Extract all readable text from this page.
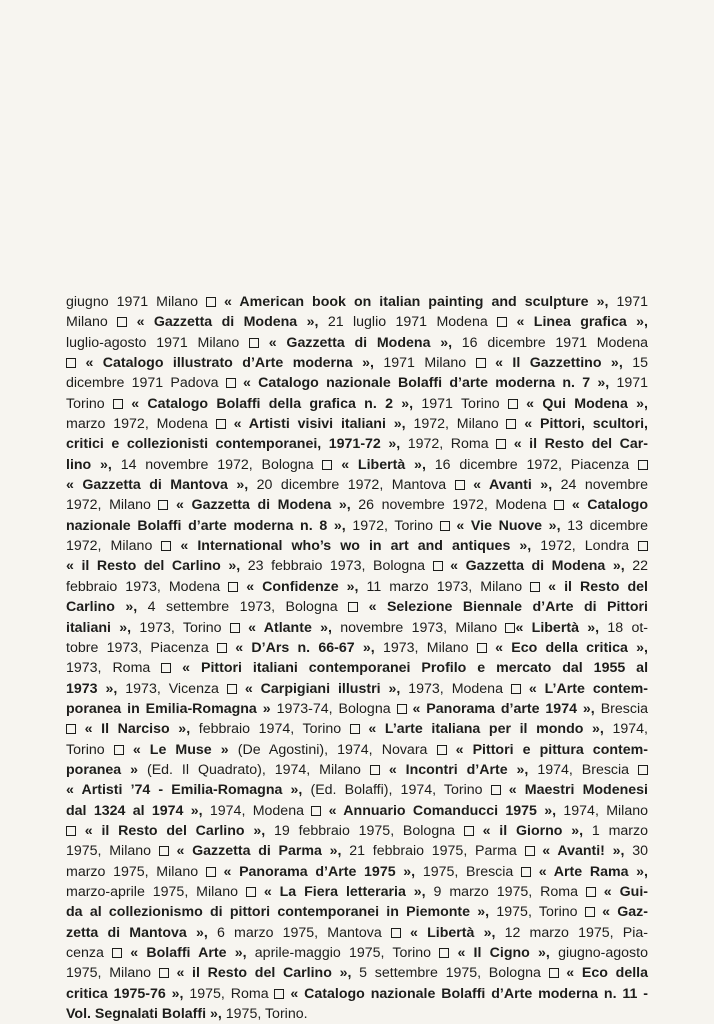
giugno 1971 Milano  « American book on italian painting and sculpture », 1971
Milano  « Gazzetta di Modena », 21 luglio 1971 Modena  « Linea grafica »,
luglio-agosto 1971 Milano  « Gazzetta di Modena », 16 dicembre 1971 Modena
« Catalogo illustrato d’Arte moderna », 1971 Milano  « Il Gazzettino », 15
dicembre 1971 Padova  « Catalogo nazionale Bolaffi d’arte moderna n. 7 », 1971
Torino  « Catalogo Bolaffi della grafica n. 2 », 1971 Torino  « Qui Modena »,
marzo 1972, Modena  « Artisti visivi italiani », 1972, Milano  « Pittori, scultori,
critici e collezionisti contemporanei, 1971-72 », 1972, Roma  « il Resto del Car-
lino », 14 novembre 1972, Bologna  « Libertà », 16 dicembre 1972, Piacenza
« Gazzetta di Mantova », 20 dicembre 1972, Mantova  « Avanti », 24 novembre
1972, Milano  « Gazzetta di Modena », 26 novembre 1972, Modena  « Catalogo
nazionale Bolaffi d’arte moderna n. 8 », 1972, Torino  « Vie Nuove », 13 dicembre
1972, Milano  « International who’s wo in art and antiques », 1972, Londra
« il Resto del Carlino », 23 febbraio 1973, Bologna  « Gazzetta di Modena », 22
febbraio 1973, Modena  « Confidenze », 11 marzo 1973, Milano  « il Resto del
Carlino », 4 settembre 1973, Bologna  « Selezione Biennale d’Arte di Pittori
italiani », 1973, Torino  « Atlante », novembre 1973, Milano « Libertà », 18 ot-
tobre 1973, Piacenza  « D’Ars n. 66-67 », 1973, Milano  « Eco della critica »,
1973, Roma  « Pittori italiani contemporanei Profilo e mercato dal 1955 al
1973 », 1973, Vicenza  « Carpigiani illustri », 1973, Modena  « L’Arte contem-
poranea in Emilia-Romagna » 1973-74, Bologna  « Panorama d’arte 1974 », Brescia
« Il Narciso », febbraio 1974, Torino  « L’arte italiana per il mondo », 1974,
Torino  « Le Muse » (De Agostini), 1974, Novara  « Pittori e pittura contem-
poranea » (Ed. Il Quadrato), 1974, Milano  « Incontri d’Arte », 1974, Brescia
« Artisti ’74 - Emilia-Romagna », (Ed. Bolaffi), 1974, Torino  « Maestri Modenesi
dal 1324 al 1974 », 1974, Modena  « Annuario Comanducci 1975 », 1974, Milano
« il Resto del Carlino », 19 febbraio 1975, Bologna  « il Giorno », 1 marzo
1975, Milano  « Gazzetta di Parma », 21 febbraio 1975, Parma  « Avanti! », 30
marzo 1975, Milano  « Panorama d’Arte 1975 », 1975, Brescia  « Arte Rama »,
marzo-aprile 1975, Milano  « La Fiera letteraria », 9 marzo 1975, Roma  « Gui-
da al collezionismo di pittori contemporanei in Piemonte », 1975, Torino  « Gaz-
zetta di Mantova », 6 marzo 1975, Mantova  « Libertà », 12 marzo 1975, Pia-
cenza  « Bolaffi Arte », aprile-maggio 1975, Torino  « Il Cigno », giugno-agosto
1975, Milano  « il Resto del Carlino », 5 settembre 1975, Bologna  « Eco della
critica 1975-76 », 1975, Roma  « Catalogo nazionale Bolaffi d’Arte moderna n. 11 -
Vol. Segnalati Bolaffi », 1975, Torino.
